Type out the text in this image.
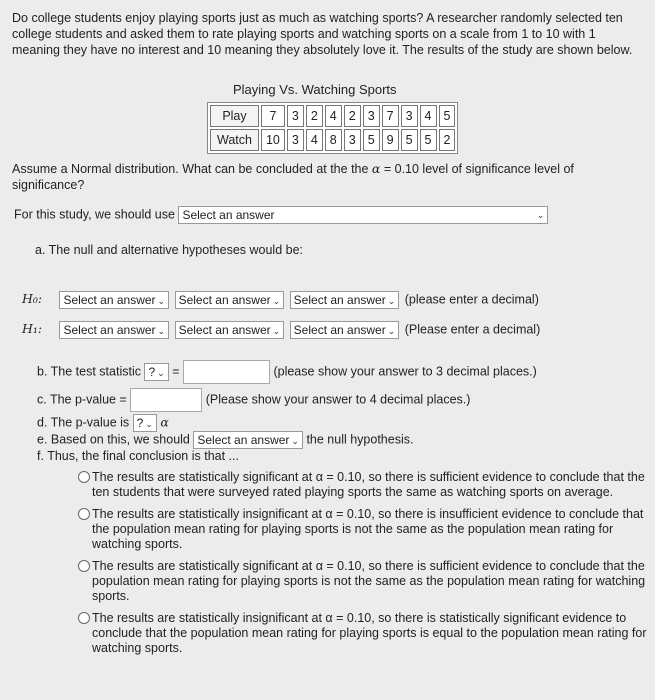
Do college students enjoy playing sports just as much as watching sports? A researcher randomly selected ten college students and asked them to rate playing sports and watching sports on a scale from 1 to 10 with 1 meaning they have no interest and 10 meaning they absolutely love it. The results of the study are shown below.
Playing Vs. Watching Sports
Play	7	3	2	4	2	3	7	3	4	5
Watch	10	3	4	8	3	5	9	5	5	2
Assume a Normal distribution. What can be concluded at the the α = 0.10 level of significance level of significance?
For this study, we should use Select an answer	⌄
a. The null and alternative hypotheses would be:
H₀: Select an answer ⌄ Select an answer ⌄ Select an answer ⌄ (please enter a decimal)
H₁: Select an answer ⌄ Select an answer ⌄ Select an answer ⌄ (Please enter a decimal)
b. The test statistic ? ⌄ =	(please show your answer to 3 decimal places.)
c. The p-value =	(Please show your answer to 4 decimal places.)
d. The p-value is ? ⌄ α
e. Based on this, we should Select an answer ⌄ the null hypothesis.
f. Thus, the final conclusion is that ...
The results are statistically significant at α = 0.10, so there is sufficient evidence to conclude that the ten students that were surveyed rated playing sports the same as watching sports on average.
The results are statistically insignificant at α = 0.10, so there is insufficient evidence to conclude that the population mean rating for playing sports is not the same as the population mean rating for watching sports.
The results are statistically significant at α = 0.10, so there is sufficient evidence to conclude that the population mean rating for playing sports is not the same as the population mean rating for watching sports.
The results are statistically insignificant at α = 0.10, so there is statistically significant evidence to conclude that the population mean rating for playing sports is equal to the population mean rating for watching sports.
